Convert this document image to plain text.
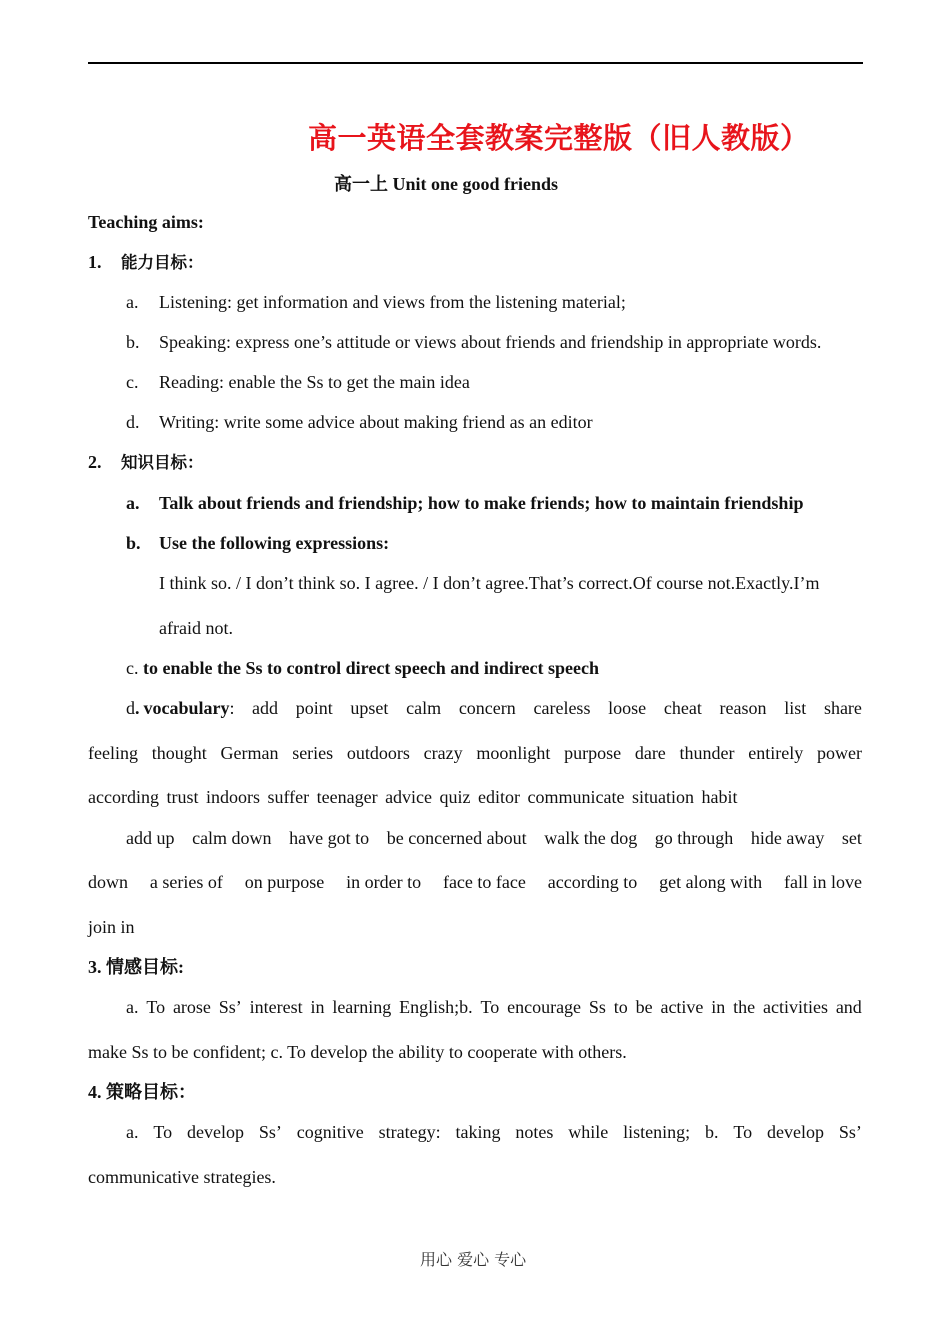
高一英语全套教案完整版（旧人教版）
高一上 Unit one good friends
Teaching aims:
1. 能力目标：
a. Listening: get information and views from the listening material;
b. Speaking: express one’s attitude or views about friends and friendship in appropriate words.
c. Reading: enable the Ss to get the main idea
d. Writing: write some advice about making friend as an editor
2. 知识目标：
a. Talk about friends and friendship; how to make friends; how to maintain friendship
b. Use the following expressions:
I think so. / I don’t think so. I agree. / I don’t agree.That’s correct.Of course not.Exactly.I’m
afraid not.
c. to enable the Ss to control direct speech and indirect speech
d. vocabulary: add point upset calm concern careless loose cheat reason list share
feeling thought German series outdoors crazy moonlight purpose dare thunder entirely power
according trust indoors suffer teenager advice quiz editor communicate situation habit
add up calm down have got to be concerned about walk the dog go through hide away set
down a series of on purpose in order to face to face according to get along with fall in love
join in
3. 情感目标:
a. To arose Ss’ interest in learning English;b. To encourage Ss to be active in the activities and
make Ss to be confident; c. To develop the ability to cooperate with others.
4. 策略目标：
a. To develop Ss’ cognitive strategy: taking notes while listening; b. To develop Ss’
communicative strategies.
用心 爱心 专心
